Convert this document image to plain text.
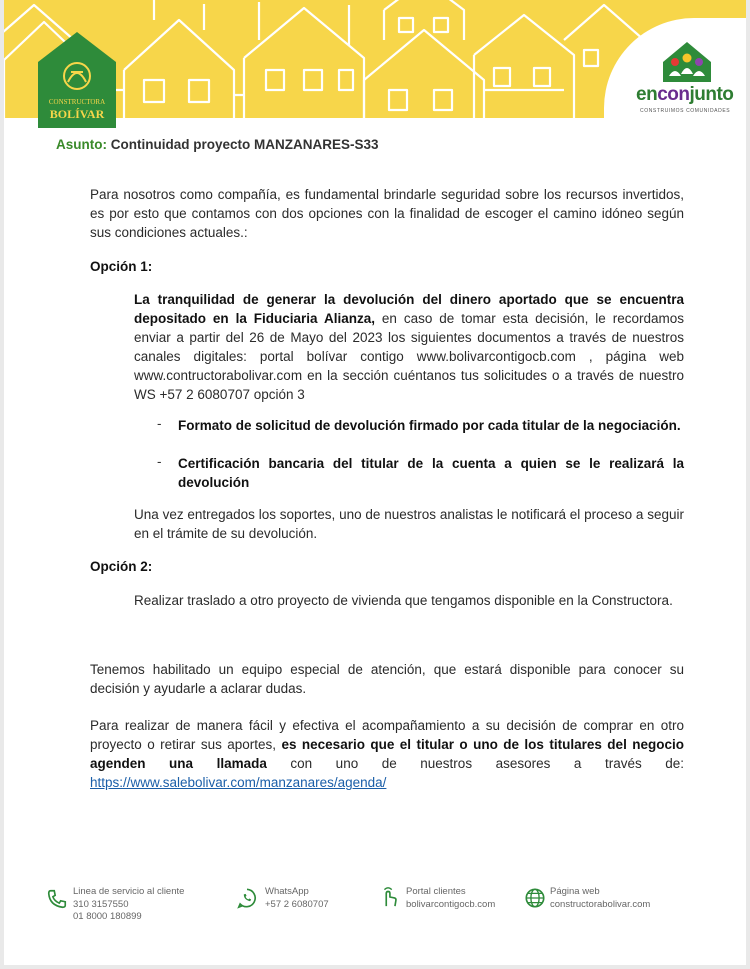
CONSTRUCTORA
BOLÍVAR
enconjunto
CONSTRUIMOS COMUNIDADES
Asunto: Continuidad proyecto MANZANARES-S33
Para nosotros como compañía, es fundamental brindarle seguridad sobre los recursos invertidos, es por esto que contamos con dos opciones con la finalidad de escoger el camino idóneo según sus condiciones actuales.:
Opción 1:
La tranquilidad de generar la devolución del dinero aportado que se encuentra depositado en la Fiduciaria Alianza, en caso de tomar esta decisión, le recordamos enviar a partir del 26 de Mayo del 2023 los siguientes documentos a través de nuestros canales digitales: portal bolívar contigo www.bolivarcontigocb.com , página web www.contructorabolivar.com en la sección cuéntanos tus solicitudes o a través de nuestro WS +57 2 6080707 opción 3
- Formato de solicitud de devolución firmado por cada titular de la negociación.
- Certificación bancaria del titular de la cuenta a quien se le realizará la devolución
Una vez entregados los soportes, uno de nuestros analistas le notificará el proceso a seguir en el trámite de su devolución.
Opción 2:
Realizar traslado a otro proyecto de vivienda que tengamos disponible en la Constructora.
Tenemos habilitado un equipo especial de atención, que estará disponible para conocer su decisión y ayudarle a aclarar dudas.
Para realizar de manera fácil y efectiva el acompañamiento a su decisión de comprar en otro proyecto o retirar sus aportes, es necesario que el titular o uno de los titulares del negocio agenden una llamada con uno de nuestros asesores a través de: https://www.salebolivar.com/manzanares/agenda/
Linea de servicio al cliente
310 3157550
01 8000 180899
WhatsApp
+57 2 6080707
Portal clientes
bolivarcontigocb.com
Página web
constructorabolivar.com
